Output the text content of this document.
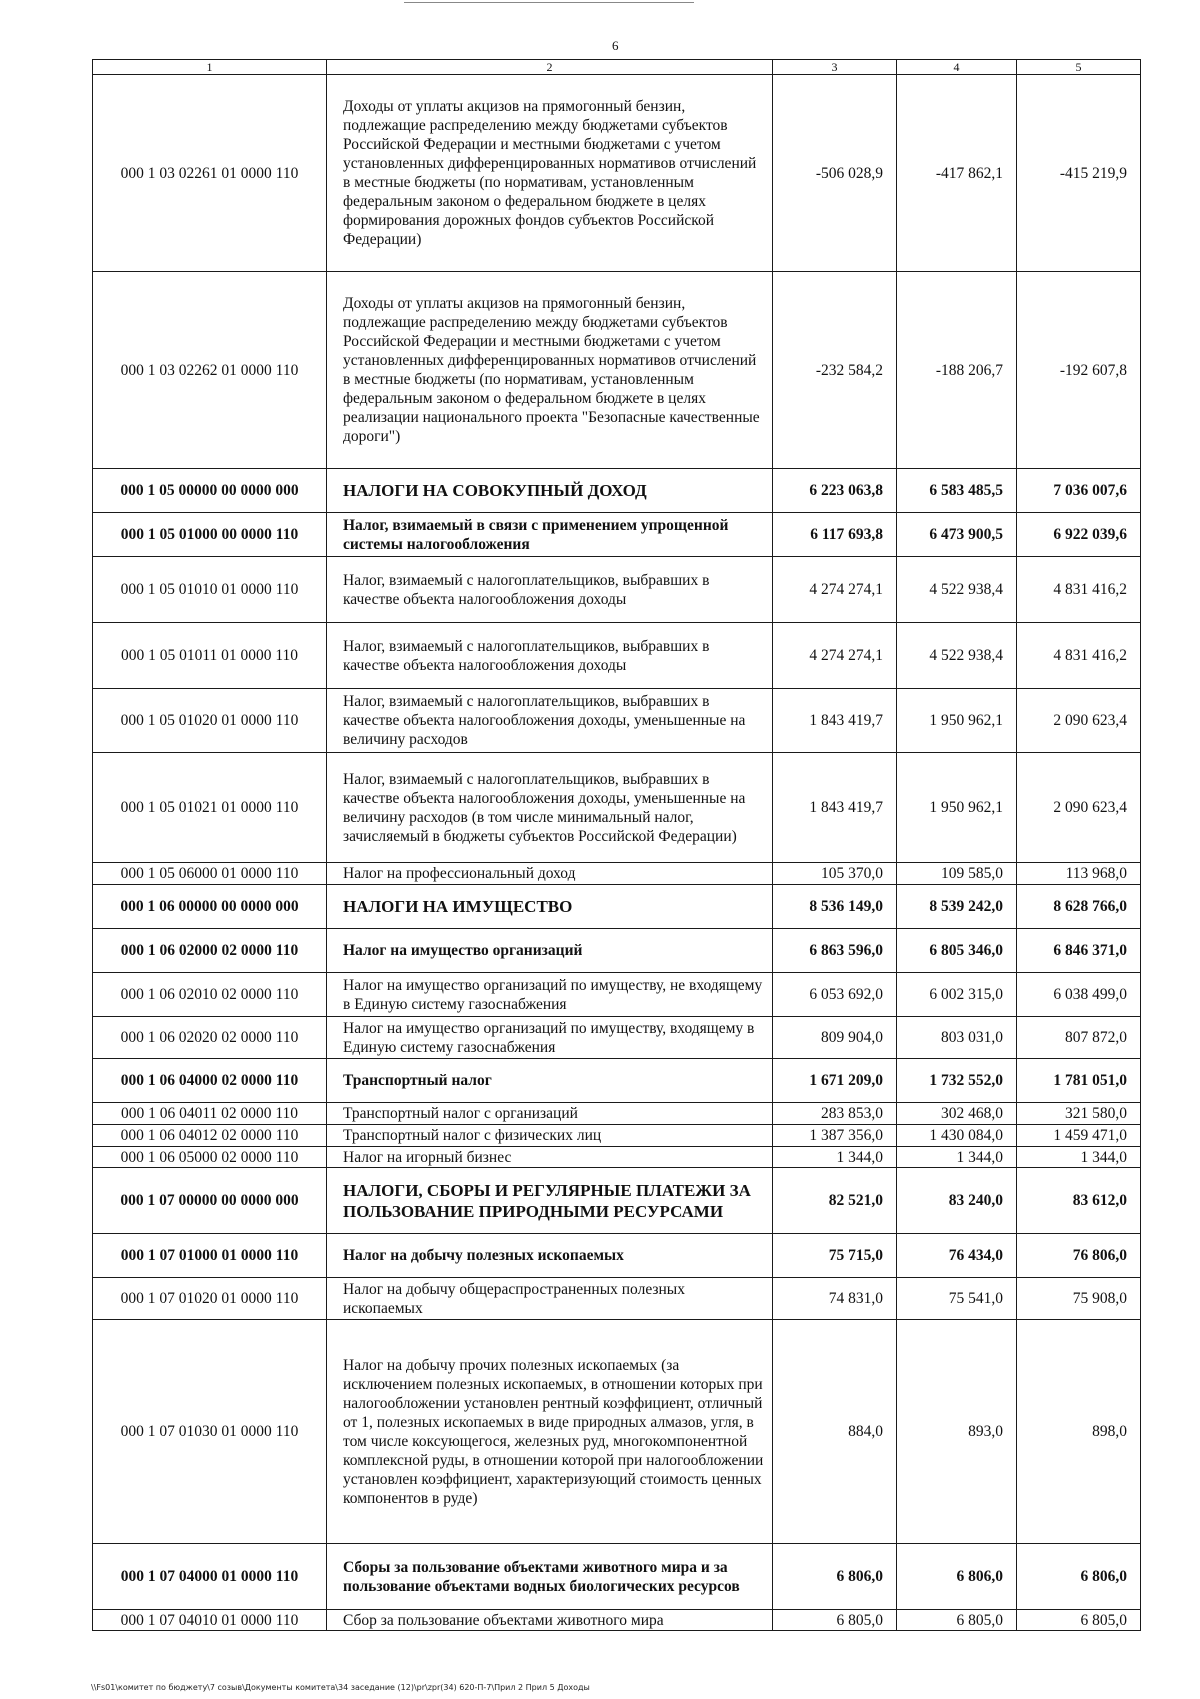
6
1	2	3	4	5
000 1 03 02261 01 0000 110	Доходы от уплаты акцизов на прямогонный бензин, подлежащие распределению между бюджетами субъектов Российской Федерации и местными бюджетами с учетом установленных дифференцированных нормативов отчислений в местные бюджеты (по нормативам, установленным федеральным законом о федеральном бюджете в целях формирования дорожных фондов субъектов Российской Федерации)	-506 028,9	-417 862,1	-415 219,9
000 1 03 02262 01 0000 110	Доходы от уплаты акцизов на прямогонный бензин, подлежащие распределению между бюджетами субъектов Российской Федерации и местными бюджетами с учетом установленных дифференцированных нормативов отчислений в местные бюджеты (по нормативам, установленным федеральным законом о федеральном бюджете в целях реализации национального проекта "Безопасные качественные дороги")	-232 584,2	-188 206,7	-192 607,8
000 1 05 00000 00 0000 000	НАЛОГИ НА СОВОКУПНЫЙ ДОХОД	6 223 063,8	6 583 485,5	7 036 007,6
000 1 05 01000 00 0000 110	Налог, взимаемый в связи с применением упрощенной системы налогообложения	6 117 693,8	6 473 900,5	6 922 039,6
000 1 05 01010 01 0000 110	Налог, взимаемый с налогоплательщиков, выбравших в качестве объекта налогообложения доходы	4 274 274,1	4 522 938,4	4 831 416,2
000 1 05 01011 01 0000 110	Налог, взимаемый с налогоплательщиков, выбравших в качестве объекта налогообложения доходы	4 274 274,1	4 522 938,4	4 831 416,2
000 1 05 01020 01 0000 110	Налог, взимаемый с налогоплательщиков, выбравших в качестве объекта налогообложения доходы, уменьшенные на величину расходов	1 843 419,7	1 950 962,1	2 090 623,4
000 1 05 01021 01 0000 110	Налог, взимаемый с налогоплательщиков, выбравших в качестве объекта налогообложения доходы, уменьшенные на величину расходов (в том числе минимальный налог, зачисляемый в бюджеты субъектов Российской Федерации)	1 843 419,7	1 950 962,1	2 090 623,4
000 1 05 06000 01 0000 110	Налог на профессиональный доход	105 370,0	109 585,0	113 968,0
000 1 06 00000 00 0000 000	НАЛОГИ НА ИМУЩЕСТВО	8 536 149,0	8 539 242,0	8 628 766,0
000 1 06 02000 02 0000 110	Налог на имущество организаций	6 863 596,0	6 805 346,0	6 846 371,0
000 1 06 02010 02 0000 110	Налог на имущество организаций по имуществу, не входящему в Единую систему газоснабжения	6 053 692,0	6 002 315,0	6 038 499,0
000 1 06 02020 02 0000 110	Налог на имущество организаций по имуществу, входящему в Единую систему газоснабжения	809 904,0	803 031,0	807 872,0
000 1 06 04000 02 0000 110	Транспортный налог	1 671 209,0	1 732 552,0	1 781 051,0
000 1 06 04011 02 0000 110	Транспортный налог с организаций	283 853,0	302 468,0	321 580,0
000 1 06 04012 02 0000 110	Транспортный налог с физических лиц	1 387 356,0	1 430 084,0	1 459 471,0
000 1 06 05000 02 0000 110	Налог на игорный бизнес	1 344,0	1 344,0	1 344,0
000 1 07 00000 00 0000 000	НАЛОГИ, СБОРЫ И РЕГУЛЯРНЫЕ ПЛАТЕЖИ ЗА ПОЛЬЗОВАНИЕ ПРИРОДНЫМИ РЕСУРСАМИ	82 521,0	83 240,0	83 612,0
000 1 07 01000 01 0000 110	Налог на добычу полезных ископаемых	75 715,0	76 434,0	76 806,0
000 1 07 01020 01 0000 110	Налог на добычу общераспространенных полезных ископаемых	74 831,0	75 541,0	75 908,0
000 1 07 01030 01 0000 110	Налог на добычу прочих полезных ископаемых (за исключением полезных ископаемых, в отношении которых при налогообложении установлен рентный коэффициент, отличный от 1, полезных ископаемых в виде природных алмазов, угля, в том числе коксующегося, железных руд, многокомпонентной комплексной руды, в отношении которой при налогообложении установлен коэффициент, характеризующий стоимость ценных компонентов в руде)	884,0	893,0	898,0
000 1 07 04000 01 0000 110	Сборы за пользование объектами животного мира и за пользование объектами водных биологических ресурсов	6 806,0	6 806,0	6 806,0
000 1 07 04010 01 0000 110	Сбор за пользование объектами животного мира	6 805,0	6 805,0	6 805,0
\\Fs01\комитет по бюджету\7 созыв\Документы комитета\34 заседание (12)\pr\zpr(34) 620-П-7\Прил 2 Прил 5 Доходы
